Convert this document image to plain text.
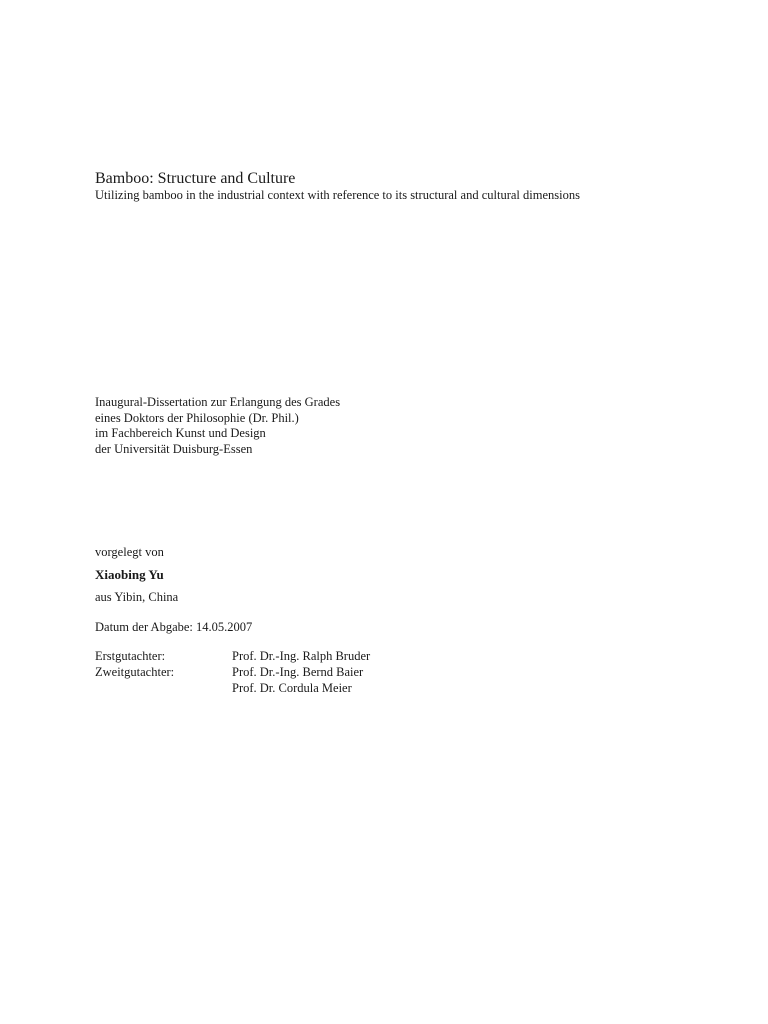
Bamboo: Structure and Culture
Utilizing bamboo in the industrial context with reference to its structural and cultural dimensions
Inaugural-Dissertation zur Erlangung des Grades
eines Doktors der Philosophie (Dr. Phil.)
im Fachbereich Kunst und Design
der Universität Duisburg-Essen
vorgelegt von
Xiaobing Yu
aus Yibin, China
Datum der Abgabe: 14.05.2007
Erstgutachter:	Prof. Dr.-Ing. Ralph Bruder
Zweitgutachter:	Prof. Dr.-Ing. Bernd Baier
Prof. Dr. Cordula Meier
